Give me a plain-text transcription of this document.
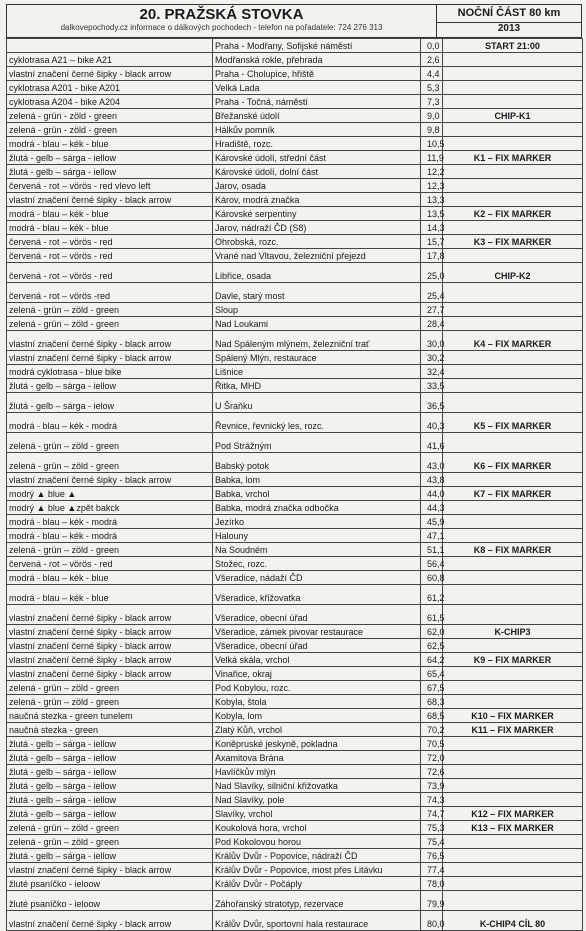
20. PRAŽSKÁ STOVKA
dalkovepochody.cz informace o dálkových pochodech - telefon na pořadatele: 724 276 313
NOČNÍ ČÁST 80 km
2013
	Praha - Modřany, Sofijské náměstí	0,0	START 21:00
cyklotrasa A21 – bike A21	Modřanská rokle, přehrada	2,6	
vlastní značení černé šipky - black arrow	Praha - Cholupice, hřiště	4,4	
cyklotrasa A201 - bike A201	Velká Lada	5,3	
cyklotrasa A204 - bike A204	Praha - Točná, náměstí	7,3	
zelená - grün - zöld - green	Břežanské údolí	9,0	CHIP-K1
zelená - grün - zöld - green	Hálkův pomník	9,8	
modrá - blau – kék - blue	Hradiště, rozc.	10,5	
žlutá - gelb – sárga - iellow	Károvské údolí, střední část	11,9	K1 – FIX MARKER
žlutá - gelb – sárga - iellow	Károvské údolí, dolní část	12,2	
červená - rot – vörös - red vlevo left	Jarov, osada	12,3	
vlastní značení černé šipky - black arrow	Károv, modrá značka	13,3	
modrá - blau – kék - blue	Károvské serpentiny	13,5	K2 – FIX MARKER
modrá - blau – kék - blue	Jarov, nádraží ČD (S8)	14,3	
červená - rot – vörös - red	Ohrobská, rozc.	15,7	K3 – FIX MARKER
červená - rot – vörös - red	Vrané nad Vltavou, železniční přejezd	17,8	
červená - rot – vörös - red	Libřice, osada	25,0	CHIP-K2
červená - rot – vörös -red	Davle, starý most	25,4	
zelená - grün – zöld - green	Sloup	27,7	
zelená - grün – zöld - green	Nad Loukami	28,4	
vlastní značení černé šipky - black arrow	Nad Spáleným mlýnem, železniční trať	30,0	K4 – FIX MARKER
vlastní značení černé šipky - black arrow	Spálený Mlýn, restaurace	30,2	
modrá cyklotrasa - blue bike	Lišnice	32,4	
žlutá - gelb – sárga - iellow	Řitka, MHD	33,5	
žlutá - gelb – sárga - ielow	U Šraňku	36,5	
modrá - blau – kék - modrá	Řevnice, řevnický les, rozc.	40,3	K5 – FIX MARKER
zelená - grün – zöld - green	Pod Strážným	41,6	
zelená - grün – zöld - green	Babský potok	43,0	K6 – FIX MARKER
vlastní značení černé šipky - black arrow	Babka, lom	43,8	
modrý ▲ blue ▲	Babka, vrchol	44,0	K7 – FIX MARKER
modrý ▲ blue ▲zpět bakck	Babka, modrá značka odbočka	44,3	
modrá - blau – kék - modrá	Jezírko	45,9	
modrá - blau – kék - modrá	Halouny	47,1	
zelená - grün – zöld - green	Na Soudném	51,1	K8 – FIX MARKER
červená - rot – vörös - red	Stožec, rozc.	56,4	
modrá - blau – kék - blue	Všeradice, nádaží ČD	60,8	
modrá - blau – kék - blue	Všeradice, křižovatka	61,2	
vlastní značení černé šipky - black arrow	Všeradice, obecní úřad	61,5	
vlastní značení černé šipky - black arrow	Všeradice, zámek pivovar restaurace	62,0	K-CHIP3
vlastní značení černé šipky - black arrow	Všeradice, obecní úřad	62,5	
vlastní značení černé šipky - black arrow	Velká skála, vrchol	64,2	K9 – FIX MARKER
vlastní značení černé šipky - black arrow	Vinařice, okraj	65,4	
zelená - grün – zöld - green	Pod Kobylou, rozc.	67,5	
zelená - grün – zöld - green	Kobyla, štola	68,3	
naučná stezka - green tunelem	Kobyla, lom	68,5	K10 – FIX MARKER
naučná stezka - green	Zlatý Kůň, vrchol	70,2	K11 – FIX MARKER
žlutá - gelb – sárga - iellow	Koněpruské jeskyně, pokladna	70,5	
žlutá - gelb – sárga - iellow	Axamitova Brána	72,0	
žlutá - gelb – sárga - iellow	Havlíčkův mlýn	72,6	
žlutá - gelb – sárga - iellow	Nad Slavíky, silniční křižovatka	73,9	
žlutá - gelb – sárga - iellow	Nad Slavíky, pole	74,3	
žlutá - gelb – sárga - iellow	Slavíky, vrchol	74,7	K12 – FIX MARKER
zelená - grün – zöld - green	Koukolová hora, vrchol	75,3	K13 – FIX MARKER
zelená - grün – zöld - green	Pod Kokolovou horou	75,4	
žlutá - gelb – sárga - iellow	Králův Dvůr - Popovice, nádraží ČD	76,5	
vlastní značení černé šipky - black arrow	Králův Dvůr - Popovice, most přes Litávku	77,4	
žluté psaníčko - ieloow	Králův Dvůr - Počáply	78,0	
žluté psaníčko - ieloow	Záhořanský stratotyp, rezervace	79,9	
vlastní značení černé šipky - black arrow	Králův Dvůr, sportovní hala restaurace	80,0	K-CHIP4 CÍL 80
